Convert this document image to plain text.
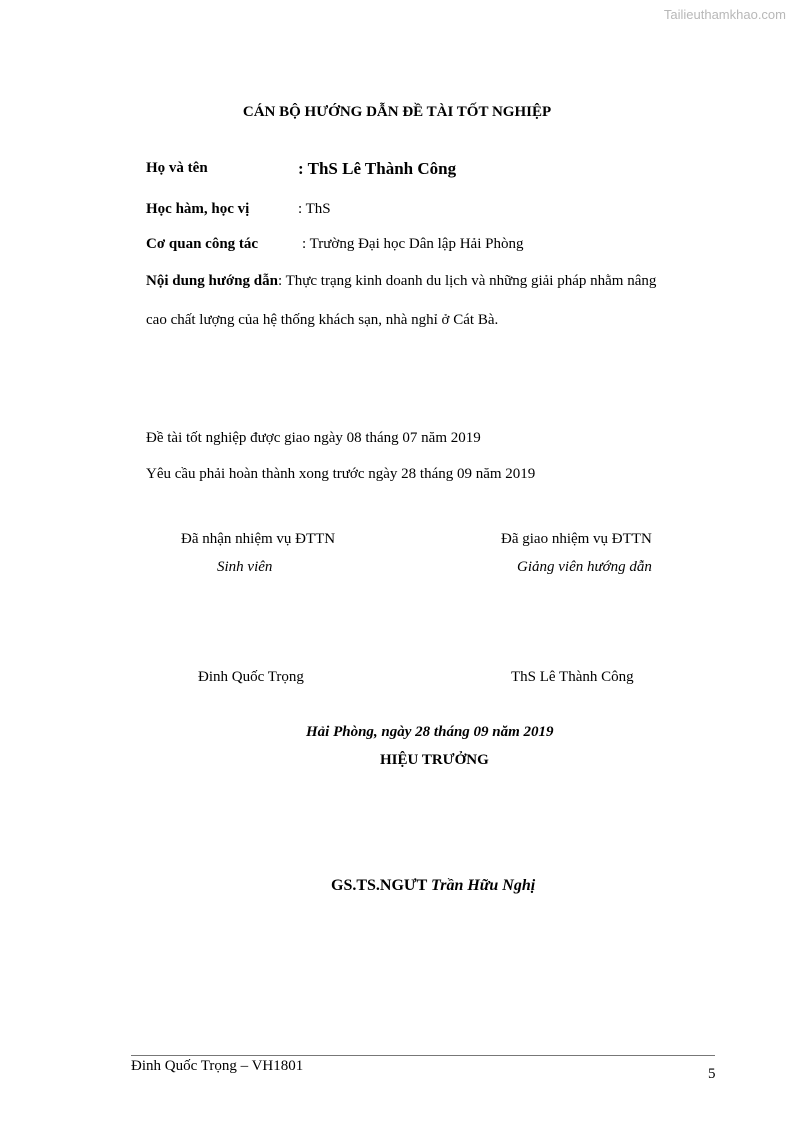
Tailieuthamkhao.com
CÁN BỘ HƯỚNG DẪN ĐỀ TÀI TỐT NGHIỆP
Họ và tên	: ThS Lê Thành Công
Học hàm, học vị	: ThS
Cơ quan công tác	: Trường Đại học Dân lập Hải Phòng
Nội dung hướng dẫn: Thực trạng kinh doanh du lịch và những giải pháp nhằm nâng
cao chất lượng của hệ thống khách sạn, nhà nghỉ ở Cát Bà.
Đề tài tốt nghiệp được giao ngày 08 tháng 07 năm 2019
Yêu cầu phải hoàn thành xong trước ngày 28 tháng 09 năm 2019
Đã nhận nhiệm vụ ĐTTN
Sinh viên
Đinh Quốc Trọng
Đã giao nhiệm vụ ĐTTN
Giảng viên hướng dẫn
ThS Lê Thành Công
Hải Phòng, ngày 28 tháng 09 năm 2019
HIỆU TRƯỞNG
GS.TS.NGƯT Trần Hữu Nghị
Đinh Quốc Trọng – VH1801	5
